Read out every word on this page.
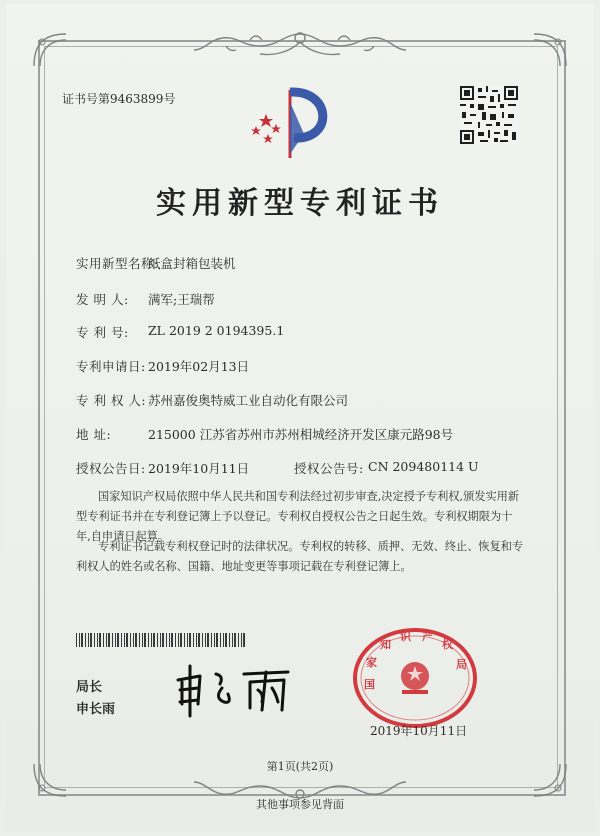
证书号第9463899号
实用新型专利证书
实用新型名称:
纸盒封箱包装机
发 明 人: 满军;王瑞帮
专 利 号: ZL 2019 2 0194395.1
专利申请日: 2019年02月13日
专 利 权 人: 苏州嘉俊奥特威工业自动化有限公司
地 址:	215000 江苏省苏州市苏州相城经济开发区康元路98号
授权公告日: 2019年10月11日	授权公告号: CN 209480114 U
国家知识产权局依照中华人民共和国专利法经过初步审查,决定授予专利权,颁发实用新型专利证书并在专利登记簿上予以登记。专利权自授权公告之日起生效。专利权期限为十年,自申请日起算。
专利证书记载专利权登记时的法律状况。专利权的转移、质押、无效、终止、恢复和专利权人的姓名或名称、国籍、地址变更等事项记载在专利登记簿上。
局长
申长雨
国
家
知
识 产
权
局
2019年10月11日
第1页(共2页)
其他事项参见背面
